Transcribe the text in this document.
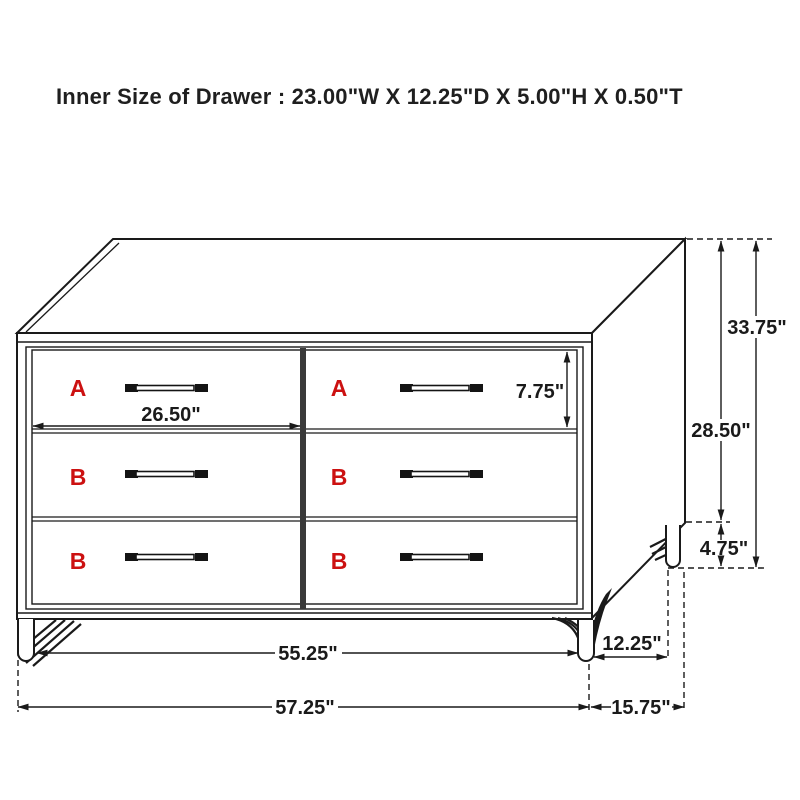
Inner Size of Drawer : 23.00"W X 12.25"D X 5.00"H X 0.50"T
A	A
B	B
B	B
26.50"
7.75"
33.75"
28.50"
4.75"
55.25"
57.25"
12.25"
15.75"
